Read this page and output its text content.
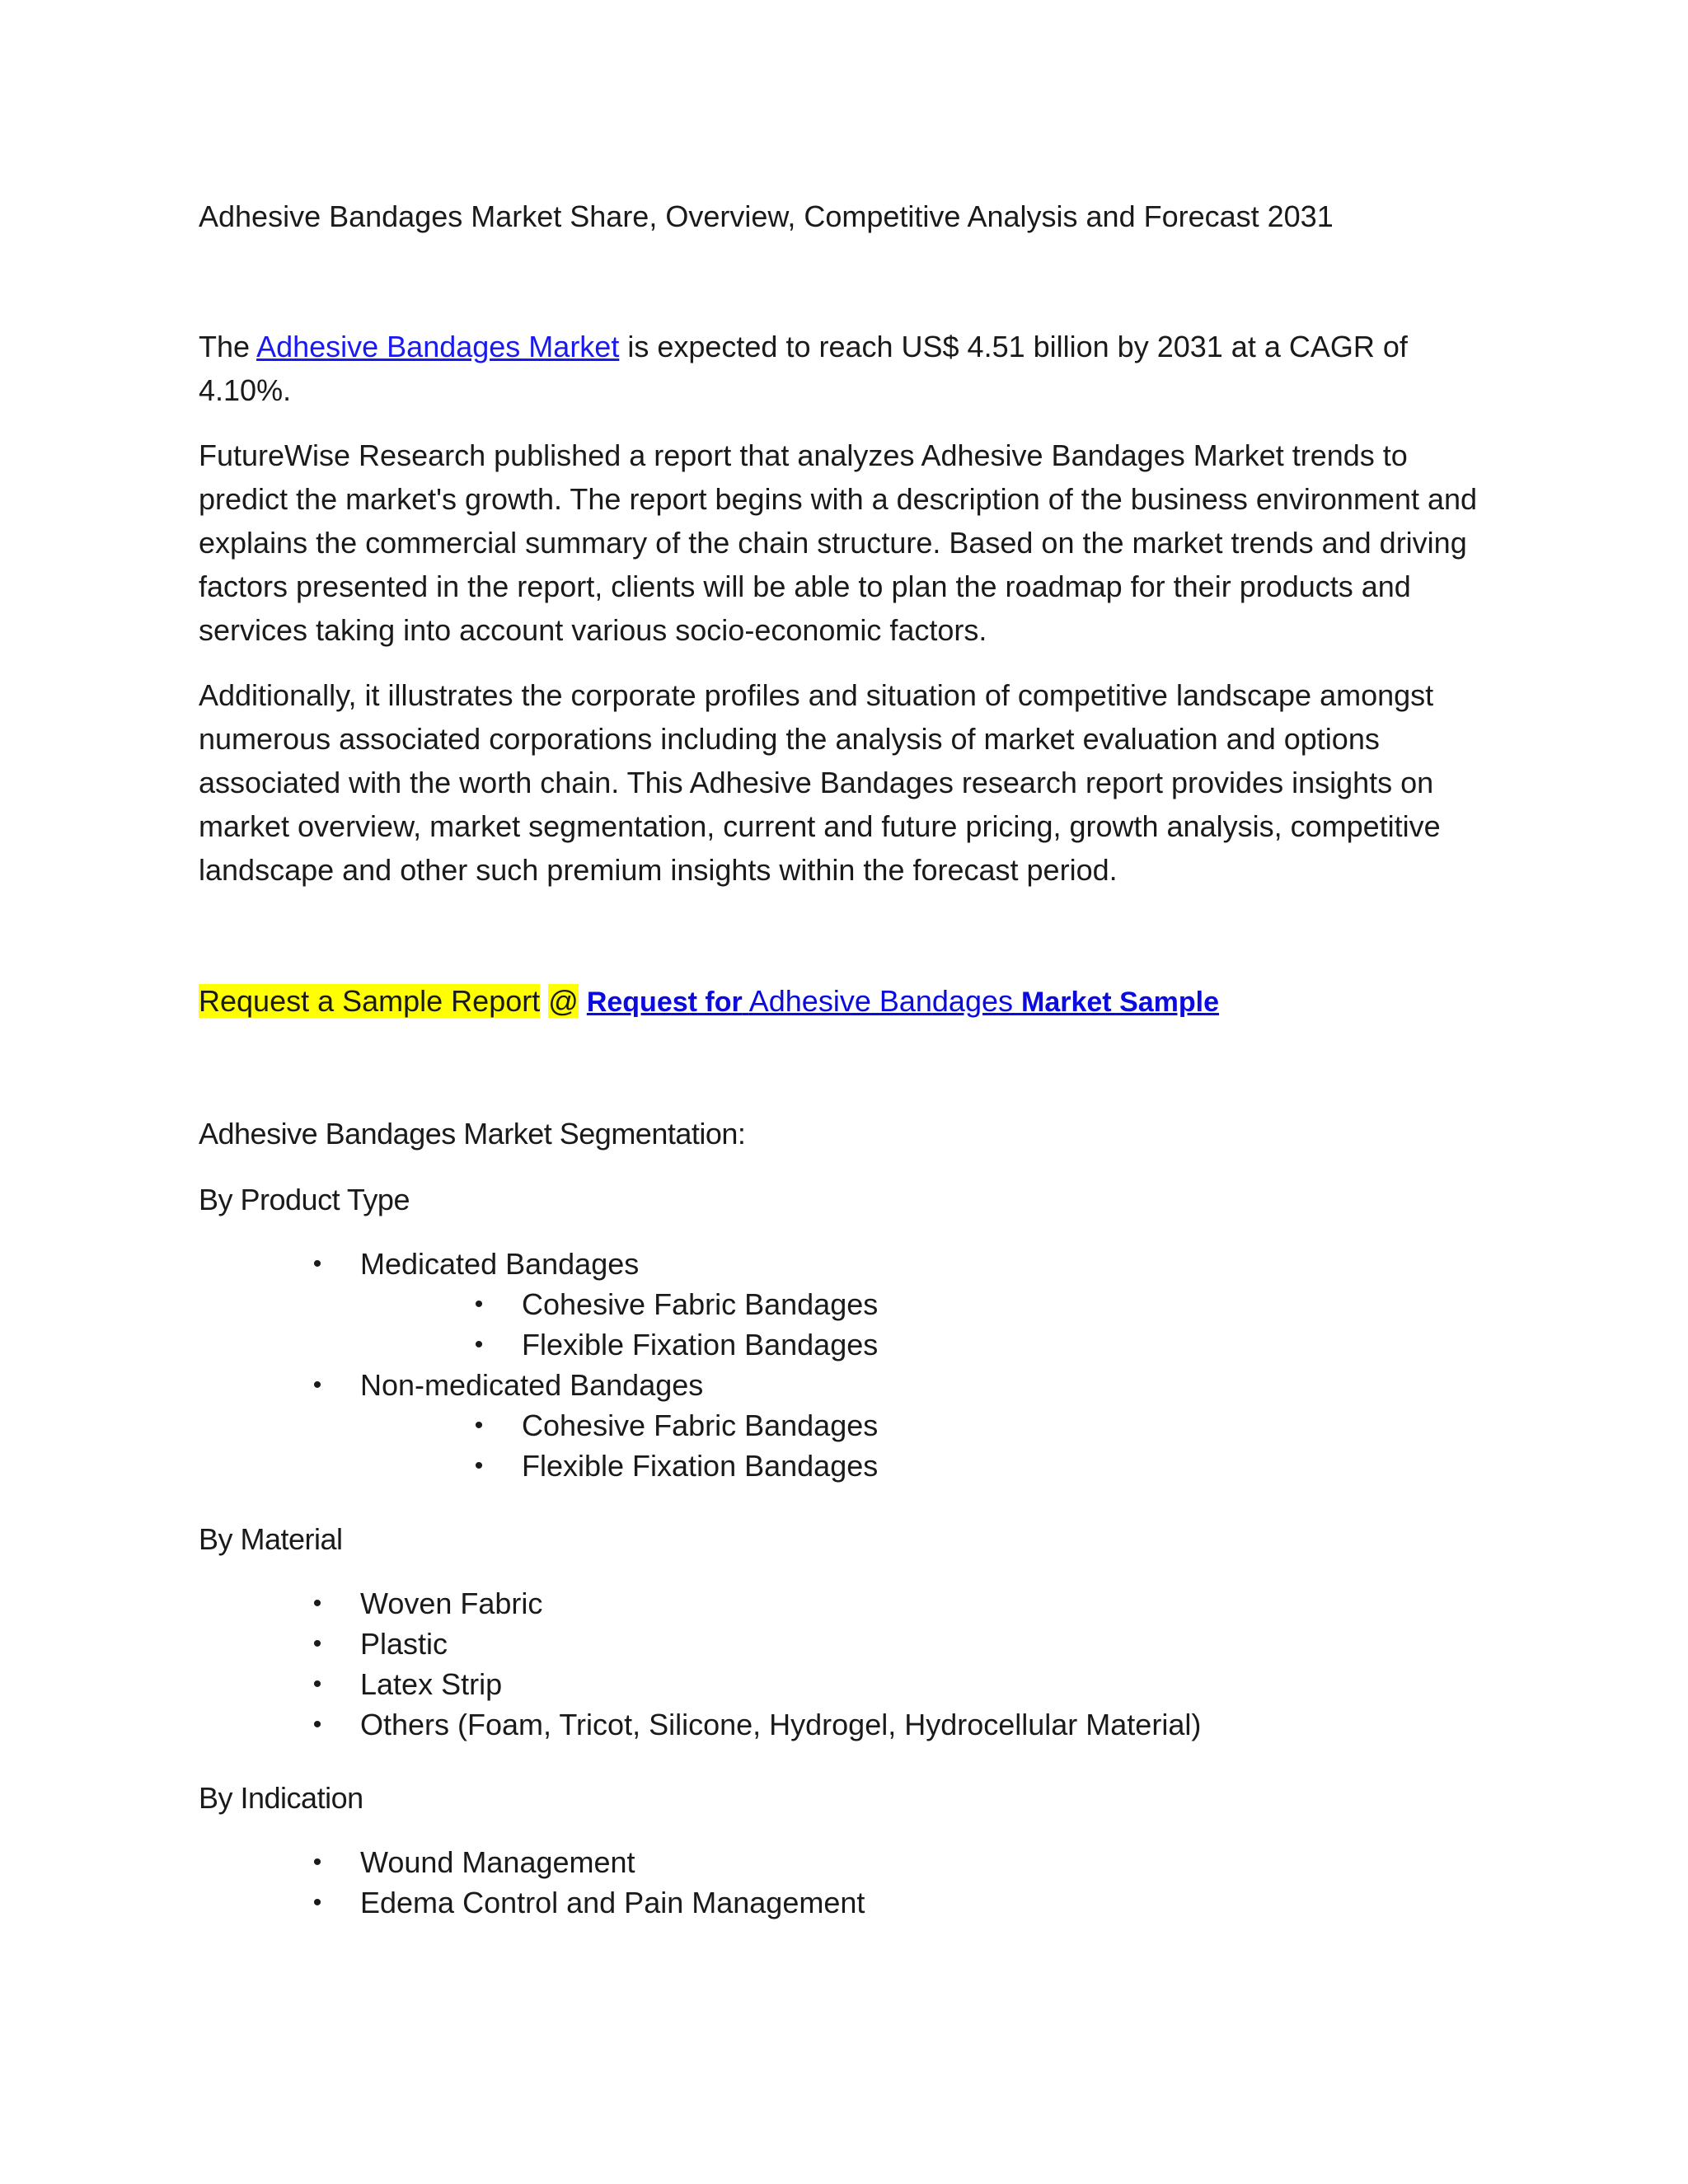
Adhesive Bandages Market Share, Overview, Competitive Analysis and Forecast 2031

The Adhesive Bandages Market is expected to reach US$ 4.51 billion by 2031 at a CAGR of 4.10%.

FutureWise Research published a report that analyzes Adhesive Bandages Market trends to predict the market's growth. The report begins with a description of the business environment and explains the commercial summary of the chain structure. Based on the market trends and driving factors presented in the report, clients will be able to plan the roadmap for their products and services taking into account various socio-economic factors.

Additionally, it illustrates the corporate profiles and situation of competitive landscape amongst numerous associated corporations including the analysis of market evaluation and options associated with the worth chain. This Adhesive Bandages research report provides insights on market overview, market segmentation, current and future pricing, growth analysis, competitive landscape and other such premium insights within the forecast period.

Request a Sample Report @ Request for Adhesive Bandages Market Sample
Adhesive Bandages Market Segmentation:
By Product Type
• Medicated Bandages
• Cohesive Fabric Bandages
• Flexible Fixation Bandages
• Non-medicated Bandages
• Cohesive Fabric Bandages
• Flexible Fixation Bandages
By Material
• Woven Fabric
• Plastic
• Latex Strip
• Others (Foam, Tricot, Silicone, Hydrogel, Hydrocellular Material)
By Indication
• Wound Management
• Edema Control and Pain Management
